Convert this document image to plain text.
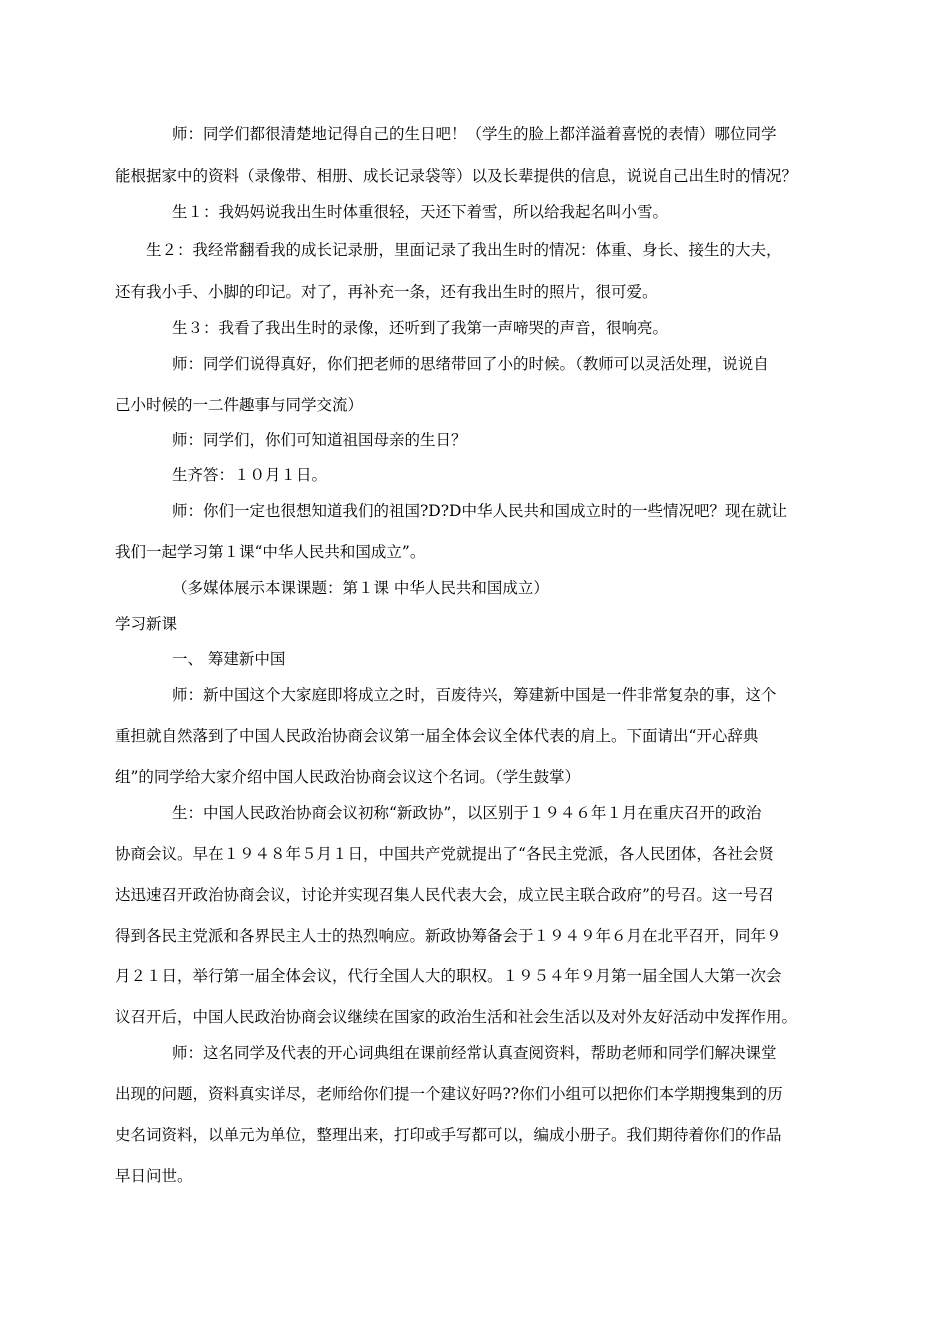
师：同学们都很清楚地记得自己的生日吧！（学生的脸上都洋溢着喜悦的表情）哪位同学
能根据家中的资料（录像带、相册、成长记录袋等）以及长辈提供的信息，说说自己出生时的情况？
生１：我妈妈说我出生时体重很轻，天还下着雪，所以给我起名叫小雪。
生２：我经常翻看我的成长记录册，里面记录了我出生时的情况：体重、身长、接生的大夫，
还有我小手、小脚的印记。对了，再补充一条，还有我出生时的照片，很可爱。
生３：我看了我出生时的录像，还听到了我第一声啼哭的声音，很响亮。
师：同学们说得真好，你们把老师的思绪带回了小的时候。（教师可以灵活处理，说说自
己小时候的一二件趣事与同学交流）
师：同学们，你们可知道祖国母亲的生日？
生齐答：１０月１日。
师：你们一定也很想知道我们的祖国?D?D中华人民共和国成立时的一些情况吧？现在就让
我们一起学习第１课“中华人民共和国成立”。
（多媒体展示本课课题：第１课 中华人民共和国成立）
学习新课
一、 筹建新中国
师：新中国这个大家庭即将成立之时，百废待兴，筹建新中国是一件非常复杂的事，这个
重担就自然落到了中国人民政治协商会议第一届全体会议全体代表的肩上。下面请出“开心辞典
组”的同学给大家介绍中国人民政治协商会议这个名词。（学生鼓掌）
生：中国人民政治协商会议初称“新政协”，以区别于１９４６年１月在重庆召开的政治
协商会议。早在１９４８年５月１日，中国共产党就提出了“各民主党派，各人民团体，各社会贤
达迅速召开政治协商会议，讨论并实现召集人民代表大会，成立民主联合政府”的号召。这一号召
得到各民主党派和各界民主人士的热烈响应。新政协筹备会于１９４９年６月在北平召开，同年９
月２１日，举行第一届全体会议，代行全国人大的职权。１９５４年９月第一届全国人大第一次会
议召开后，中国人民政治协商会议继续在国家的政治生活和社会生活以及对外友好活动中发挥作用。
师：这名同学及代表的开心词典组在课前经常认真查阅资料，帮助老师和同学们解决课堂
出现的问题，资料真实详尽，老师给你们提一个建议好吗??你们小组可以把你们本学期搜集到的历
史名词资料，以单元为单位，整理出来，打印或手写都可以，编成小册子。我们期待着你们的作品
早日问世。
